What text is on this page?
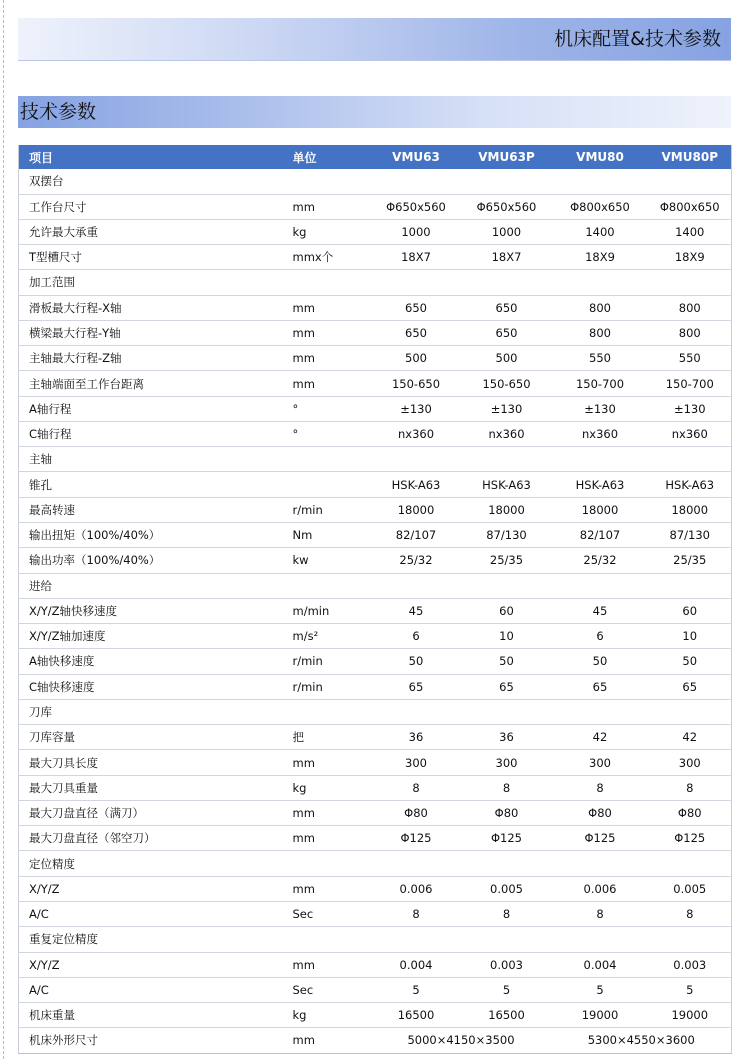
机床配置&技术参数
技术参数
项目	单位	VMU63	VMU63P	VMU80	VMU80P
双摆台					
工作台尺寸	mm	Φ650x560	Φ650x560	Φ800x650	Φ800x650
允许最大承重	kg	1000	1000	1400	1400
T型槽尺寸	mmx个	18X7	18X7	18X9	18X9
加工范围					
滑板最大行程-X轴	mm	650	650	800	800
横梁最大行程-Y轴	mm	650	650	800	800
主轴最大行程-Z轴	mm	500	500	550	550
主轴端面至工作台距离	mm	150-650	150-650	150-700	150-700
A轴行程	°	±130	±130	±130	±130
C轴行程	°	nx360	nx360	nx360	nx360
主轴					
锥孔		HSK-A63	HSK-A63	HSK-A63	HSK-A63
最高转速	r/min	18000	18000	18000	18000
输出扭矩（100%/40%）	Nm	82/107	87/130	82/107	87/130
输出功率（100%/40%）	kw	25/32	25/35	25/32	25/35
进给					
X/Y/Z轴快移速度	m/min	45	60	45	60
X/Y/Z轴加速度	m/s²	6	10	6	10
A轴快移速度	r/min	50	50	50	50
C轴快移速度	r/min	65	65	65	65
刀库					
刀库容量	把	36	36	42	42
最大刀具长度	mm	300	300	300	300
最大刀具重量	kg	8	8	8	8
最大刀盘直径（满刀）	mm	Φ80	Φ80	Φ80	Φ80
最大刀盘直径（邻空刀）	mm	Φ125	Φ125	Φ125	Φ125
定位精度					
X/Y/Z	mm	0.006	0.005	0.006	0.005
A/C	Sec	8	8	8	8
重复定位精度					
X/Y/Z	mm	0.004	0.003	0.004	0.003
A/C	Sec	5	5	5	5
机床重量	kg	16500	16500	19000	19000
机床外形尺寸	mm	5000×4150×3500		5300×4550×3600	
